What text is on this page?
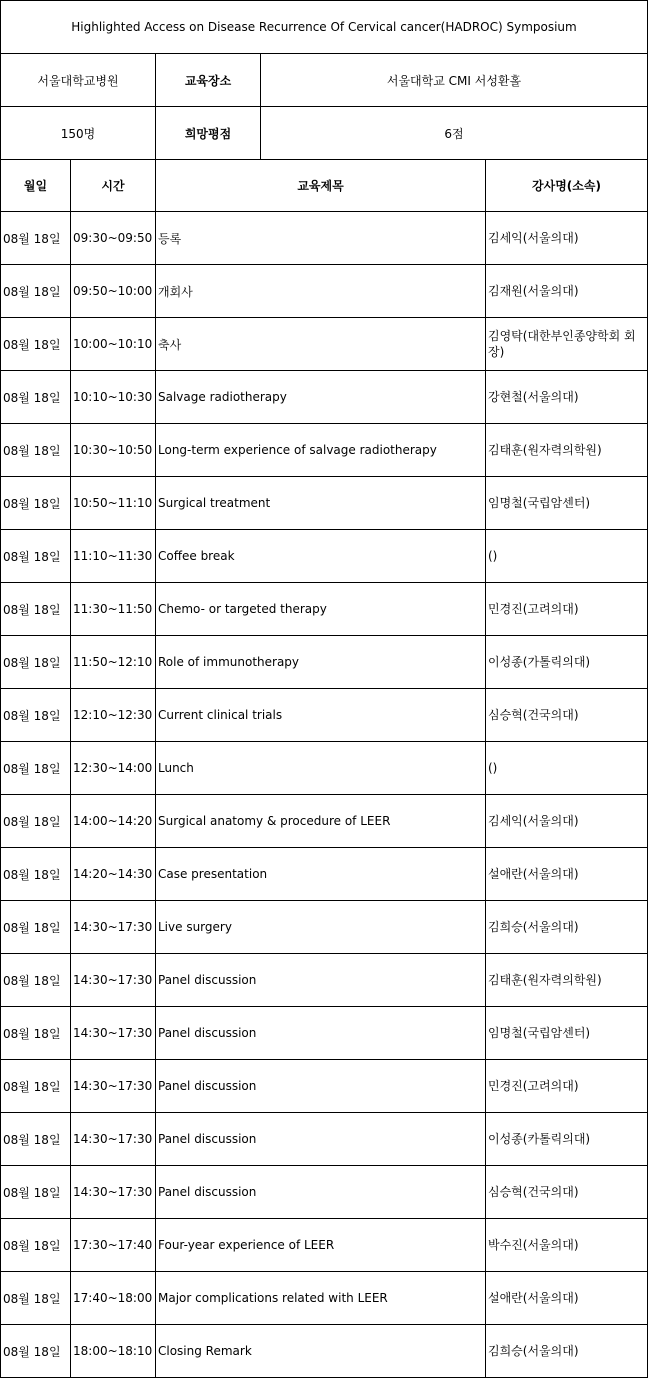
Highlighted Access on Disease Recurrence Of Cervical cancer(HADROC) Symposium				
서울대학교병원		교육장소	서울대학교 CMI 서성환홀	
150명		희망평점	6점	
월일	시간	교육제목		강사명(소속)
08월 18일	09:30~09:50	등록		김세익(서울의대)
08월 18일	09:50~10:00	개회사		김재원(서울의대)
08월 18일	10:00~10:10	축사		김영탁(대한부인종양학회 회장)
08월 18일	10:10~10:30	Salvage radiotherapy		강현철(서울의대)
08월 18일	10:30~10:50	Long-term experience of salvage radiotherapy		김태훈(원자력의학원)
08월 18일	10:50~11:10	Surgical treatment		임명철(국립암센터)
08월 18일	11:10~11:30	Coffee break		()
08월 18일	11:30~11:50	Chemo- or targeted therapy		민경진(고려의대)
08월 18일	11:50~12:10	Role of immunotherapy		이성종(가톨릭의대)
08월 18일	12:10~12:30	Current clinical trials		심승혁(건국의대)
08월 18일	12:30~14:00	Lunch		()
08월 18일	14:00~14:20	Surgical anatomy & procedure of LEER		김세익(서울의대)
08월 18일	14:20~14:30	Case presentation		설애란(서울의대)
08월 18일	14:30~17:30	Live surgery		김희승(서울의대)
08월 18일	14:30~17:30	Panel discussion		김태훈(원자력의학원)
08월 18일	14:30~17:30	Panel discussion		임명철(국립암센터)
08월 18일	14:30~17:30	Panel discussion		민경진(고려의대)
08월 18일	14:30~17:30	Panel discussion		이성종(카톨릭의대)
08월 18일	14:30~17:30	Panel discussion		심승혁(건국의대)
08월 18일	17:30~17:40	Four-year experience of LEER		박수진(서울의대)
08월 18일	17:40~18:00	Major complications related with LEER		설애란(서울의대)
08월 18일	18:00~18:10	Closing Remark		김희승(서울의대)
